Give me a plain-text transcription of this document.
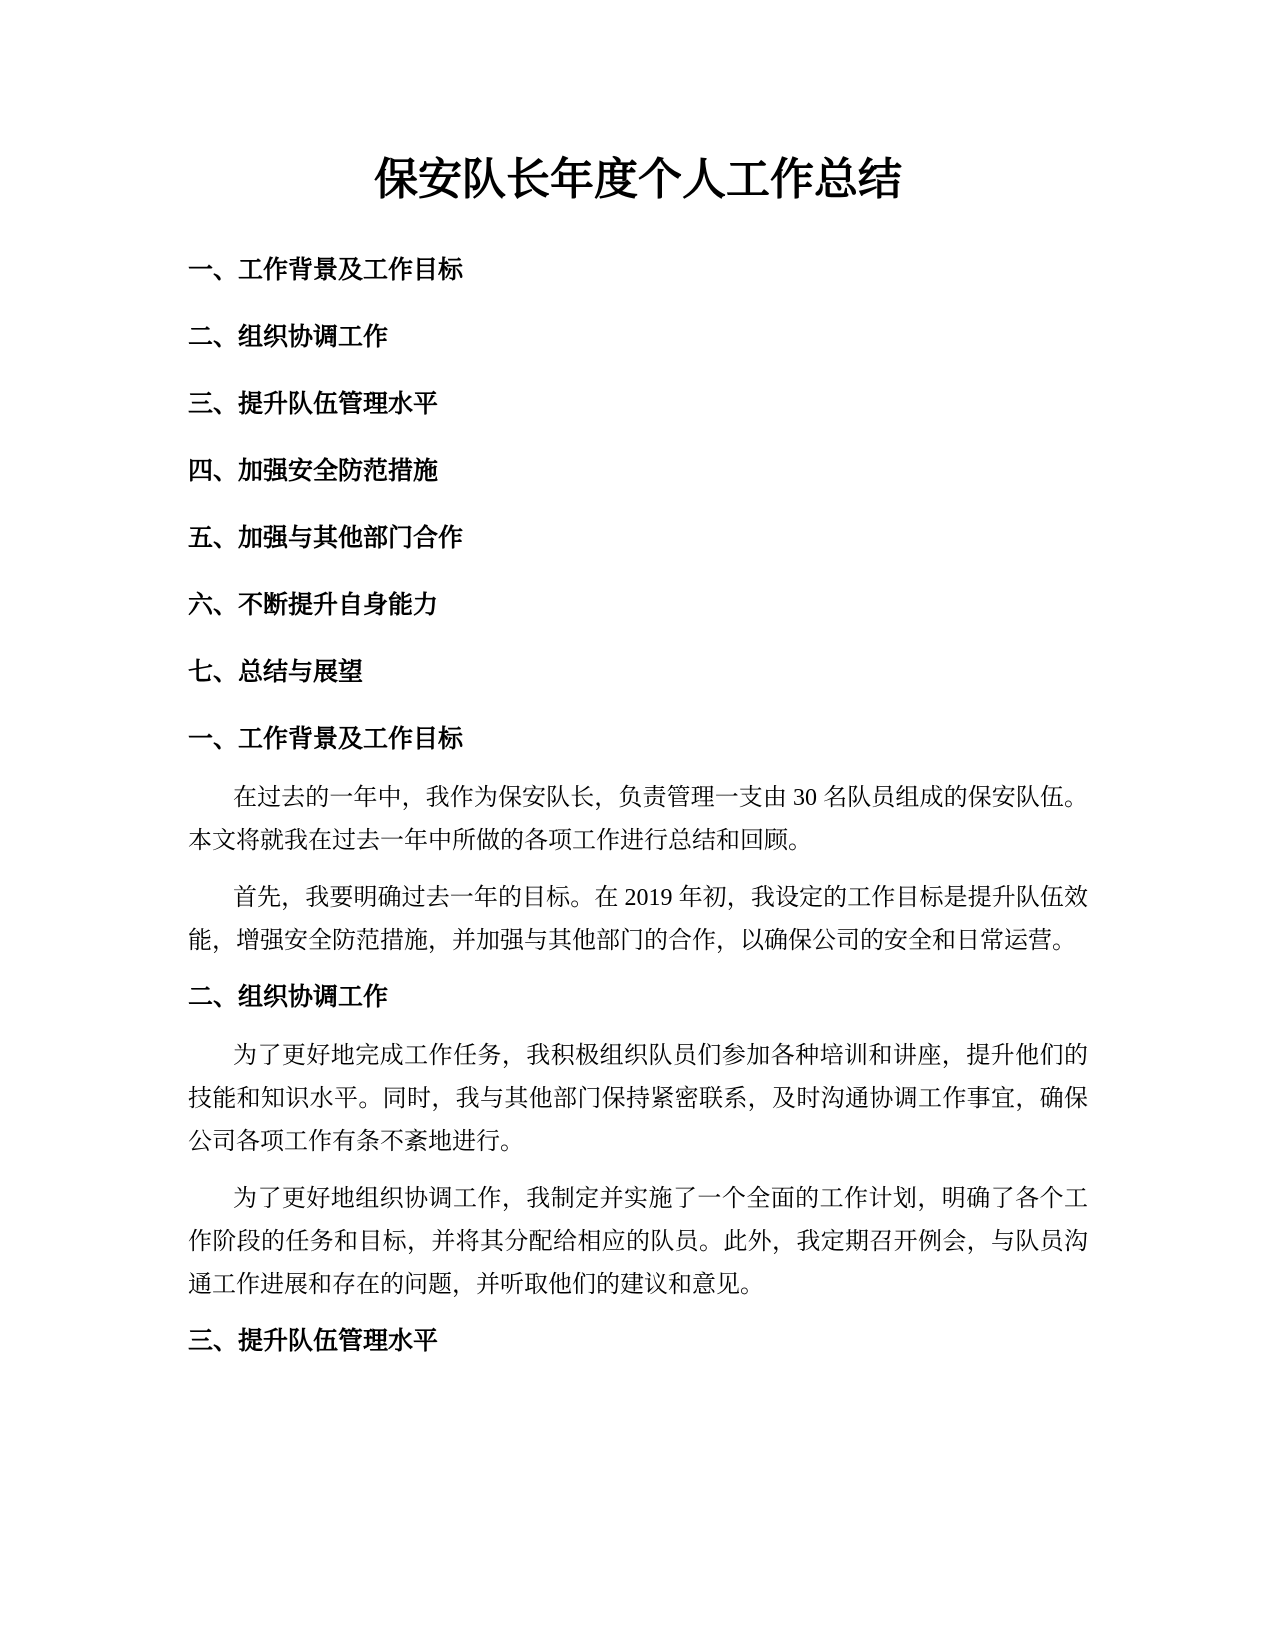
保安队长年度个人工作总结
一、工作背景及工作目标
二、组织协调工作
三、提升队伍管理水平
四、加强安全防范措施
五、加强与其他部门合作
六、不断提升自身能力
七、总结与展望
一、工作背景及工作目标

在过去的一年中，我作为保安队长，负责管理一支由 30 名队员组成的保安队伍。本文将就我在过去一年中所做的各项工作进行总结和回顾。

首先，我要明确过去一年的目标。在 2019 年初，我设定的工作目标是提升队伍效能，增强安全防范措施，并加强与其他部门的合作，以确保公司的安全和日常运营。

二、组织协调工作

为了更好地完成工作任务，我积极组织队员们参加各种培训和讲座，提升他们的技能和知识水平。同时，我与其他部门保持紧密联系，及时沟通协调工作事宜，确保公司各项工作有条不紊地进行。

为了更好地组织协调工作，我制定并实施了一个全面的工作计划，明确了各个工作阶段的任务和目标，并将其分配给相应的队员。此外，我定期召开例会，与队员沟通工作进展和存在的问题，并听取他们的建议和意见。

三、提升队伍管理水平
